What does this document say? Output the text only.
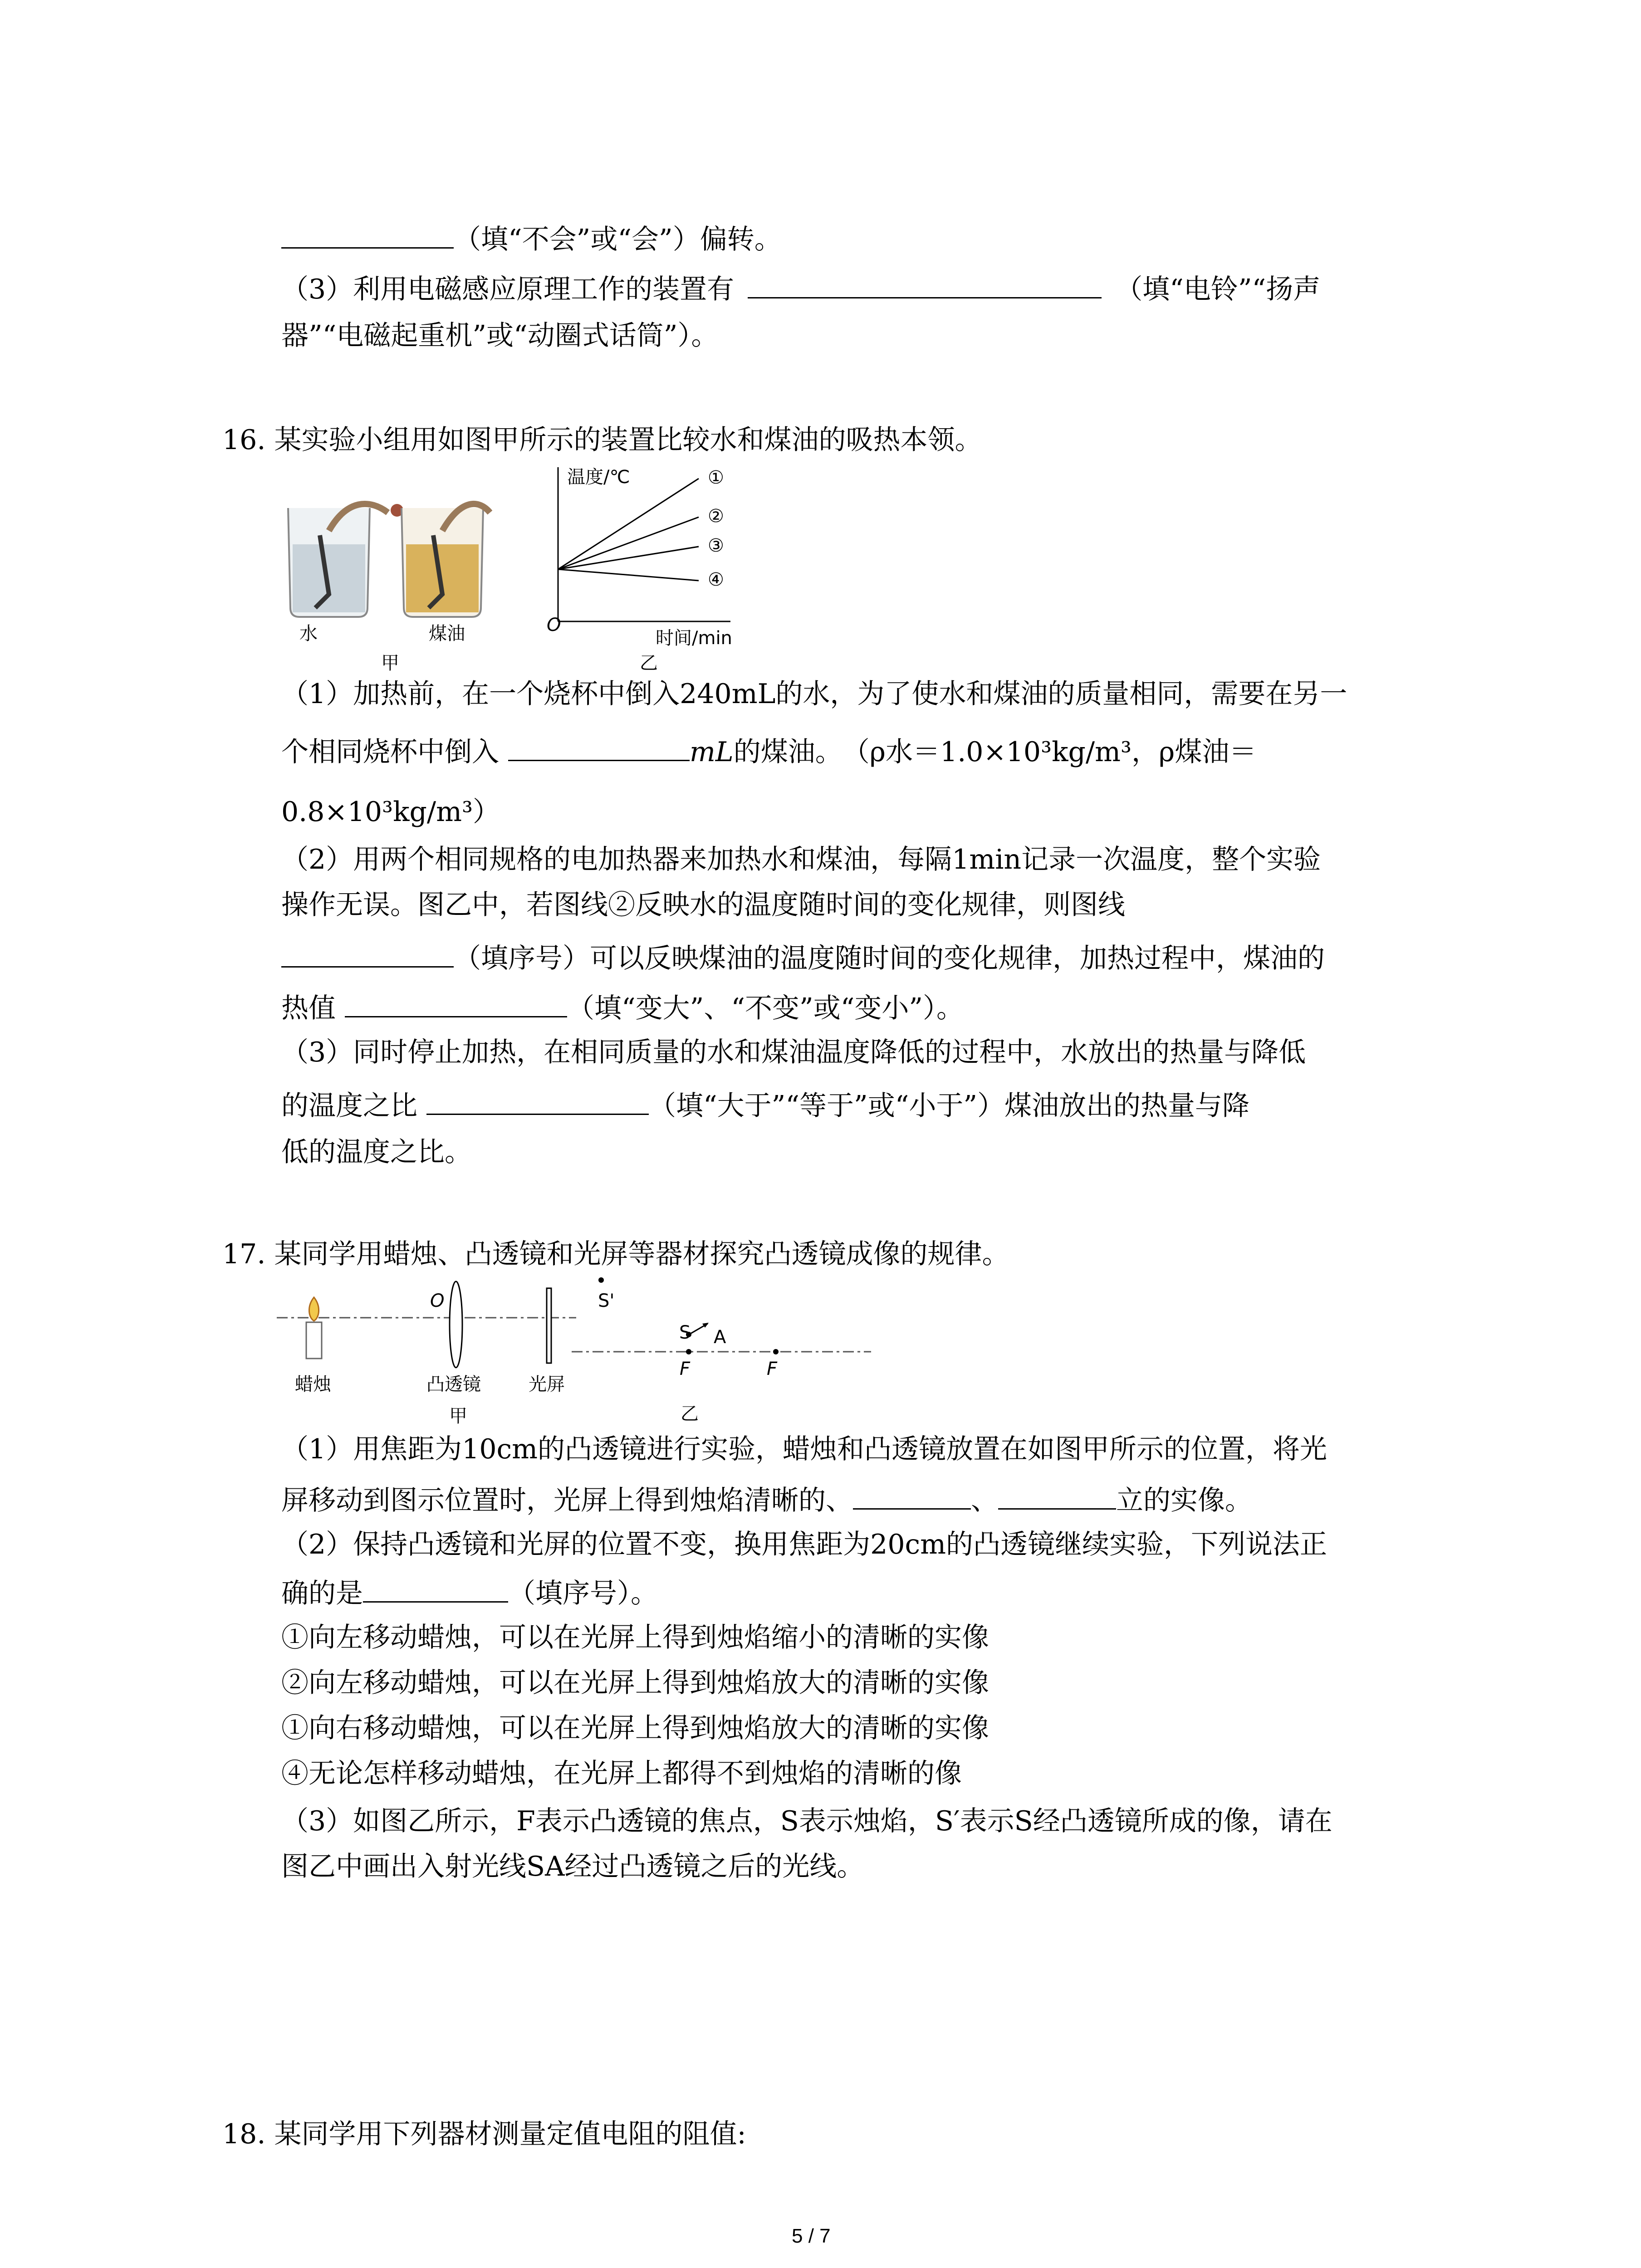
（填“不会”或“会”）偏转。
（3）利用电磁感应原理工作的装置有	（填“电铃”“扬声
器”“电磁起重机”或“动圈式话筒”）。
16. 某实验小组用如图甲所示的装置比较水和煤油的吸热本领。
水	煤油
甲
温度/℃	①
②
③
④
O
时间/min
乙
（1）加热前，在一个烧杯中倒入240mL的水，为了使水和煤油的质量相同，需要在另一
个相同烧杯中倒入	mL的煤油。 （ρ水＝1.0×10³kg/m³，ρ煤油＝
0.8×10³kg/m³）
（2）用两个相同规格的电加热器来加热水和煤油，每隔1min记录一次温度，整个实验
操作无误。图乙中，若图线②反映水的温度随时间的变化规律，则图线
（填序号）可以反映煤油的温度随时间的变化规律，加热过程中，煤油的
热值	（填“变大”、“不变”或“变小”）。
（3）同时停止加热，在相同质量的水和煤油温度降低的过程中，水放出的热量与降低
的温度之比	（填“大于”“等于”或“小于”）煤油放出的热量与降
低的温度之比。
17. 某同学用蜡烛、凸透镜和光屏等器材探究凸透镜成像的规律。
O
蜡烛	凸透镜	光屏
甲
S'
S A
F	F
乙
（1）用焦距为10cm的凸透镜进行实验，蜡烛和凸透镜放置在如图甲所示的位置，将光
屏移动到图示位置时，光屏上得到烛焰清晰的、	、	立的实像。
（2）保持凸透镜和光屏的位置不变，换用焦距为20cm的凸透镜继续实验，下列说法正
确的是	（填序号）。
①向左移动蜡烛，可以在光屏上得到烛焰缩小的清晰的实像
②向左移动蜡烛，可以在光屏上得到烛焰放大的清晰的实像
①向右移动蜡烛，可以在光屏上得到烛焰放大的清晰的实像
④无论怎样移动蜡烛，在光屏上都得不到烛焰的清晰的像
（3）如图乙所示，F表示凸透镜的焦点，S表示烛焰，S′表示S经凸透镜所成的像，请在
图乙中画出入射光线SA经过凸透镜之后的光线。
18. 某同学用下列器材测量定值电阻的阻值:
5 / 7
